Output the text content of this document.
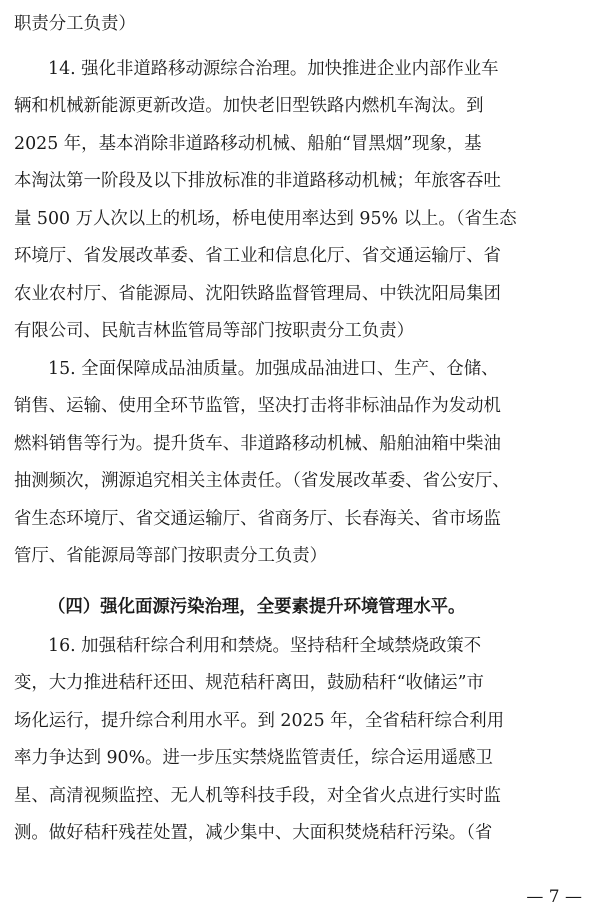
职责分工负责）
14. 强化非道路移动源综合治理。加快推进企业内部作业车
辆和机械新能源更新改造。加快老旧型铁路内燃机车淘汰。到
2025 年，基本消除非道路移动机械、船舶“冒黑烟”现象，基
本淘汰第一阶段及以下排放标准的非道路移动机械；年旅客吞吐
量 500 万人次以上的机场，桥电使用率达到 95% 以上。（省生态
环境厅、省发展改革委、省工业和信息化厅、省交通运输厅、省
农业农村厅、省能源局、沈阳铁路监督管理局、中铁沈阳局集团
有限公司、民航吉林监管局等部门按职责分工负责）
15. 全面保障成品油质量。加强成品油进口、生产、仓储、
销售、运输、使用全环节监管，坚决打击将非标油品作为发动机
燃料销售等行为。提升货车、非道路移动机械、船舶油箱中柴油
抽测频次，溯源追究相关主体责任。（省发展改革委、省公安厅、
省生态环境厅、省交通运输厅、省商务厅、长春海关、省市场监
管厅、省能源局等部门按职责分工负责）
（四）强化面源污染治理，全要素提升环境管理水平。
16. 加强秸秆综合利用和禁烧。坚持秸秆全域禁烧政策不
变，大力推进秸秆还田、规范秸秆离田，鼓励秸秆“收储运”市
场化运行，提升综合利用水平。到 2025 年，全省秸秆综合利用
率力争达到 90%。进一步压实禁烧监管责任，综合运用遥感卫
星、高清视频监控、无人机等科技手段，对全省火点进行实时监
测。做好秸秆残茬处置，减少集中、大面积焚烧秸秆污染。（省
— 7 —
